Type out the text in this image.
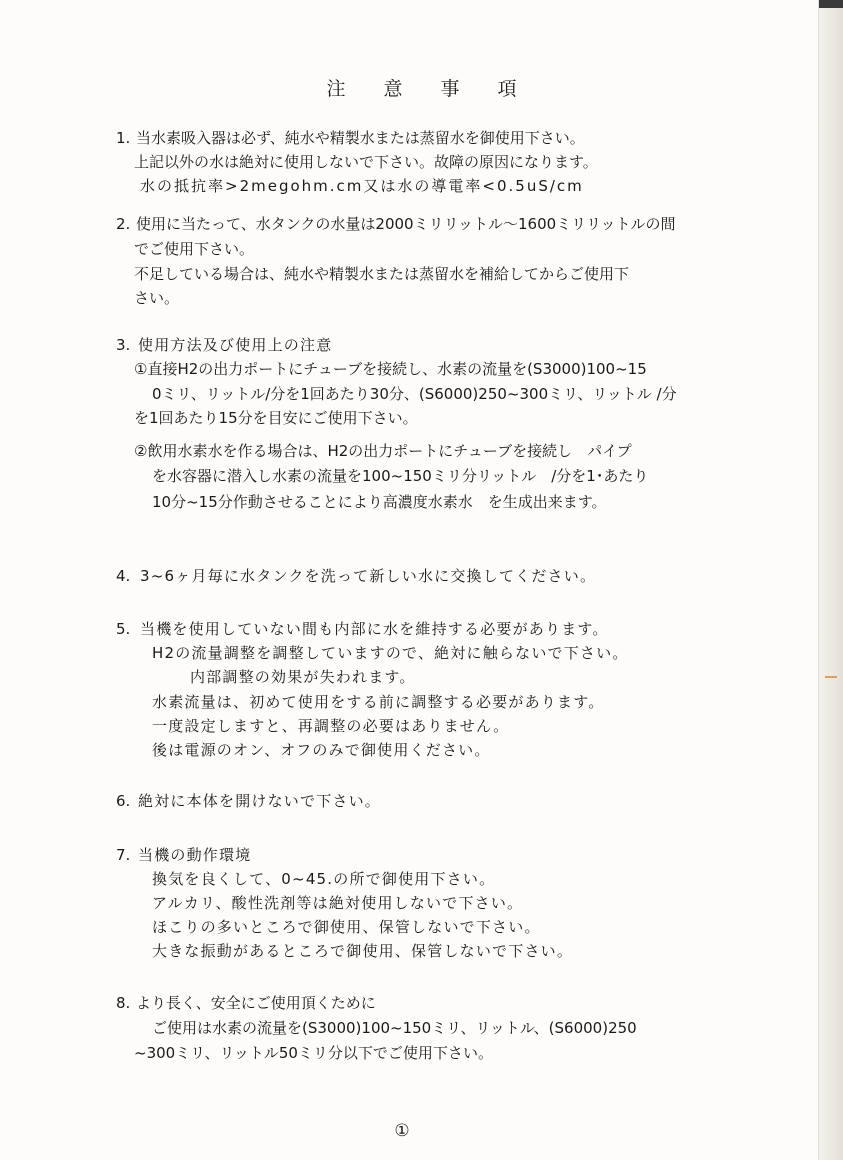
注 意 事 項
1. 当水素吸入器は必ず、純水や精製水または蒸留水を御使用下さい。
上記以外の水は絶対に使用しないで下さい。故障の原因になります。
水の抵抗率>2megohm.cm又は水の導電率<0.5uS/cm
2. 使用に当たって、水タンクの水量は2000ミリリットル～1600ミリリットルの間
でご使用下さい。
不足している場合は、純水や精製水または蒸留水を補給してからご使用下
さい。
3. 使用方法及び使用上の注意
①直接H2の出力ポートにチューブを接続し、水素の流量を(S3000)100~15
0ミリ、リットル/分を1回あたり30分、(S6000)250~300ミリ、リットル /分
を1回あたり15分を目安にご使用下さい。
②飲用水素水を作る場合は、H2の出力ポートにチューブを接続し　パイプ
を水容器に潜入し水素の流量を100~150ミリ分リットル　/分を1･あたり
10分~15分作動させることにより高濃度水素水　を生成出来ます。
4. 3~6ヶ月毎に水タンクを洗って新しい水に交換してください。
5. 当機を使用していない間も内部に水を維持する必要があります。
H2の流量調整を調整していますので、絶対に触らないで下さい。
内部調整の効果が失われます。
水素流量は、初めて使用をする前に調整する必要があります。
一度設定しますと、再調整の必要はありません。
後は電源のオン、オフのみで御使用ください。
6. 絶対に本体を開けないで下さい。
7. 当機の動作環境
換気を良くして、0~45.の所で御使用下さい。
アルカリ、酸性洗剤等は絶対使用しないで下さい。
ほこりの多いところで御使用、保管しないで下さい。
大きな振動があるところで御使用、保管しないで下さい。
8. より長く、安全にご使用頂くために
ご使用は水素の流量を(S3000)100~150ミリ、リットル、(S6000)250
~300ミリ、リットル50ミリ分以下でご使用下さい。
①
